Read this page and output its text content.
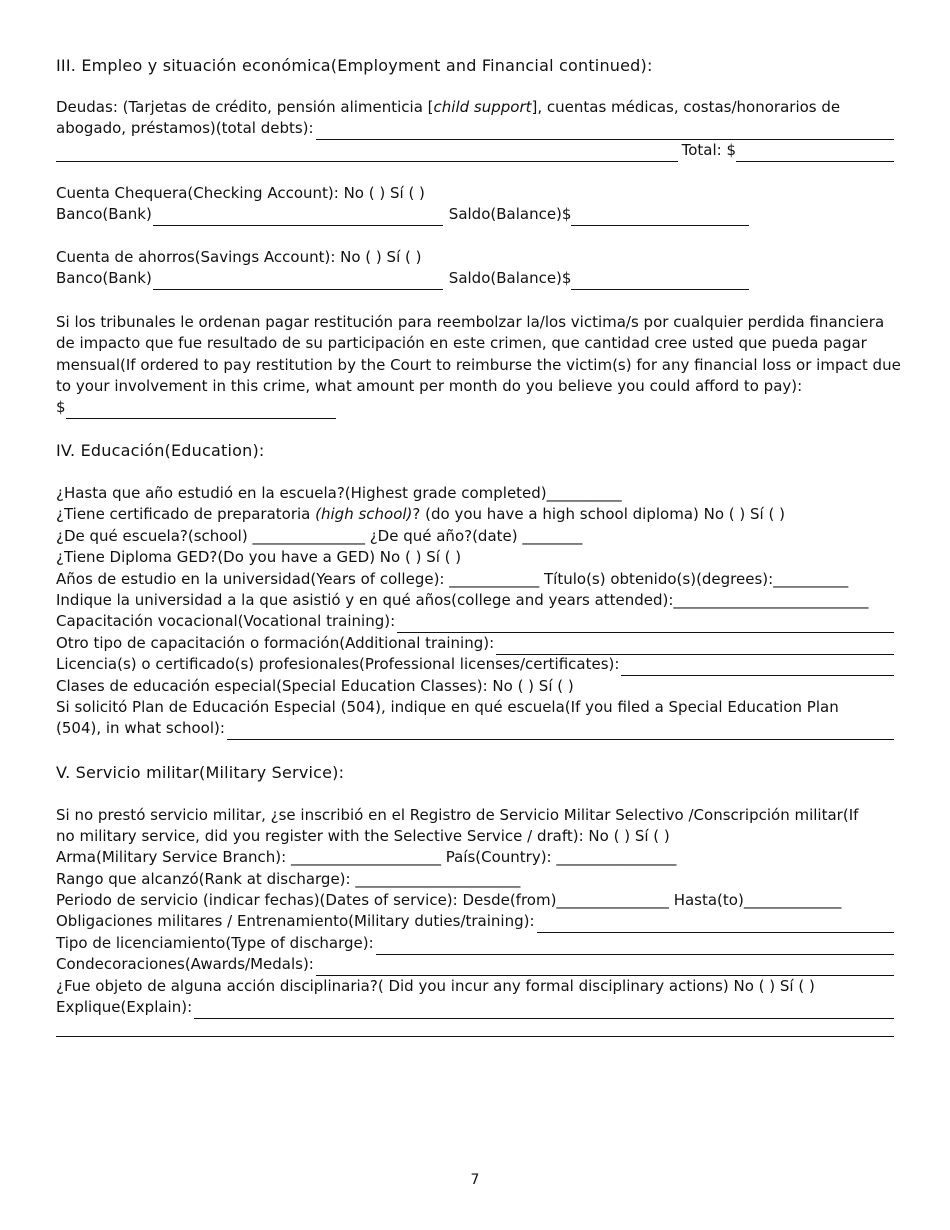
III. Empleo y situación económica(Employment and Financial continued):
Deudas: (Tarjetas de crédito, pensión alimenticia [child support], cuentas médicas, costas/honorarios de
abogado, préstamos)(total debts):
Total: $
Cuenta Chequera(Checking Account): No ( ) Sí ( )
Banco(Bank)	Saldo(Balance)$
Cuenta de ahorros(Savings Account): No ( ) Sí ( )
Banco(Bank)	Saldo(Balance)$
Si los tribunales le ordenan pagar restitución para reembolzar la/los victima/s por cualquier perdida financiera
de impacto que fue resultado de su participación en este crimen, que cantidad cree usted que pueda pagar
mensual(If ordered to pay restitution by the Court to reimburse the victim(s) for any financial loss or impact due
to your involvement in this crime, what amount per month do you believe you could afford to pay):
$
IV. Educación(Education):
¿Hasta que año estudió en la escuela?(Highest grade completed)__________
¿Tiene certificado de preparatoria (high school)? (do you have a high school diploma) No ( ) Sí ( )
¿De qué escuela?(school) _______________ ¿De qué año?(date) ________
¿Tiene Diploma GED?(Do you have a GED) No ( ) Sí ( )
Años de estudio en la universidad(Years of college): ____________ Título(s) obtenido(s)(degrees):__________
Indique la universidad a la que asistió y en qué años(college and years attended):__________________________
Capacitación vocacional(Vocational training):
Otro tipo de capacitación o formación(Additional training):
Licencia(s) o certificado(s) profesionales(Professional licenses/certificates):
Clases de educación especial(Special Education Classes): No ( ) Sí ( )
Si solicitó Plan de Educación Especial (504), indique en qué escuela(If you filed a Special Education Plan
(504), in what school):
V. Servicio militar(Military Service):
Si no prestó servicio militar, ¿se inscribió en el Registro de Servicio Militar Selectivo /Conscripción militar(If
no military service, did you register with the Selective Service / draft): No ( ) Sí ( )
Arma(Military Service Branch): ____________________ País(Country): ________________
Rango que alcanzó(Rank at discharge): ______________________
Periodo de servicio (indicar fechas)(Dates of service): Desde(from)_______________ Hasta(to)_____________
Obligaciones militares / Entrenamiento(Military duties/training):
Tipo de licenciamiento(Type of discharge):
Condecoraciones(Awards/Medals):
¿Fue objeto de alguna acción disciplinaria?( Did you incur any formal disciplinary actions) No ( ) Sí ( )
Explique(Explain):
7
